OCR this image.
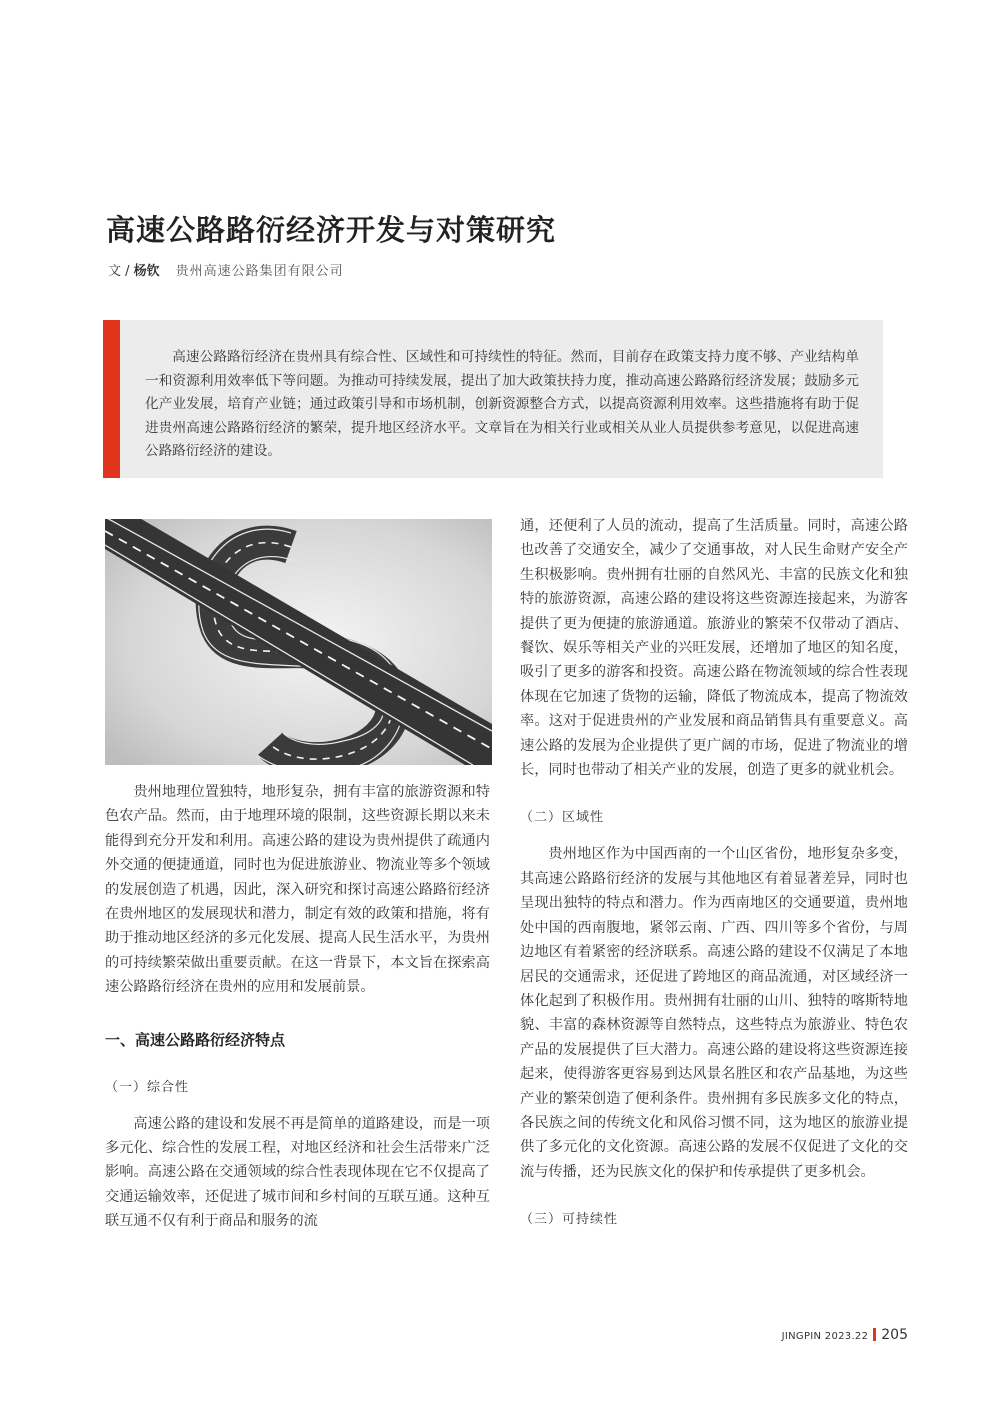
高速公路路衍经济开发与对策研究
文 / 杨钦 贵州高速公路集团有限公司

高速公路路衍经济在贵州具有综合性、区域性和可持续性的特征。然而，目前存在政策支持力度不够、产业结构单一和资源利用效率低下等问题。为推动可持续发展，提出了加大政策扶持力度，推动高速公路路衍经济发展；鼓励多元化产业发展，培育产业链；通过政策引导和市场机制，创新资源整合方式，以提高资源利用效率。这些措施将有助于促进贵州高速公路路衍经济的繁荣，提升地区经济水平。文章旨在为相关行业或相关从业人员提供参考意见，以促进高速公路路衍经济的建设。

贵州地理位置独特，地形复杂，拥有丰富的旅游资源和特色农产品。然而，由于地理环境的限制，这些资源长期以来未能得到充分开发和利用。高速公路的建设为贵州提供了疏通内外交通的便捷通道，同时也为促进旅游业、物流业等多个领域的发展创造了机遇，因此，深入研究和探讨高速公路路衍经济在贵州地区的发展现状和潜力，制定有效的政策和措施，将有助于推动地区经济的多元化发展、提高人民生活水平，为贵州的可持续繁荣做出重要贡献。在这一背景下，本文旨在探索高速公路路衍经济在贵州的应用和发展前景。

一、高速公路路衍经济特点
（一）综合性

高速公路的建设和发展不再是简单的道路建设，而是一项多元化、综合性的发展工程，对地区经济和社会生活带来广泛影响。高速公路在交通领域的综合性表现体现在它不仅提高了交通运输效率，还促进了城市间和乡村间的互联互通。这种互联互通不仅有利于商品和服务的流

通，还便利了人员的流动，提高了生活质量。同时，高速公路也改善了交通安全，减少了交通事故，对人民生命财产安全产生积极影响。贵州拥有壮丽的自然风光、丰富的民族文化和独特的旅游资源，高速公路的建设将这些资源连接起来，为游客提供了更为便捷的旅游通道。旅游业的繁荣不仅带动了酒店、餐饮、娱乐等相关产业的兴旺发展，还增加了地区的知名度，吸引了更多的游客和投资。高速公路在物流领域的综合性表现体现在它加速了货物的运输，降低了物流成本，提高了物流效率。这对于促进贵州的产业发展和商品销售具有重要意义。高速公路的发展为企业提供了更广阔的市场，促进了物流业的增长，同时也带动了相关产业的发展，创造了更多的就业机会。

（二）区域性

贵州地区作为中国西南的一个山区省份，地形复杂多变，其高速公路路衍经济的发展与其他地区有着显著差异，同时也呈现出独特的特点和潜力。作为西南地区的交通要道，贵州地处中国的西南腹地，紧邻云南、广西、四川等多个省份，与周边地区有着紧密的经济联系。高速公路的建设不仅满足了本地居民的交通需求，还促进了跨地区的商品流通，对区域经济一体化起到了积极作用。贵州拥有壮丽的山川、独特的喀斯特地貌、丰富的森林资源等自然特点，这些特点为旅游业、特色农产品的发展提供了巨大潜力。高速公路的建设将这些资源连接起来，使得游客更容易到达风景名胜区和农产品基地，为这些产业的繁荣创造了便利条件。贵州拥有多民族多文化的特点，各民族之间的传统文化和风俗习惯不同，这为地区的旅游业提供了多元化的文化资源。高速公路的发展不仅促进了文化的交流与传播，还为民族文化的保护和传承提供了更多机会。

（三）可持续性
JINGPIN 2023.22 205
